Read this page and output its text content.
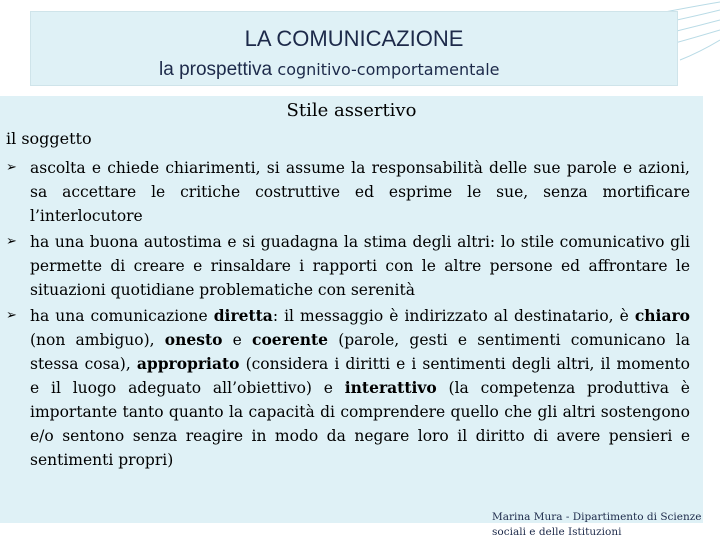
LA COMUNICAZIONE
la prospettiva cognitivo-comportamentale
Stile assertivo
il soggetto
➢ ascolta e chiede chiarimenti, si assume la responsabilità delle sue parole e azioni, sa accettare le critiche costruttive ed esprime le sue, senza mortificare l’interlocutore
➢ ha una buona autostima e si guadagna la stima degli altri: lo stile comunicativo gli permette di creare e rinsaldare i rapporti con le altre persone ed affrontare le situazioni quotidiane problematiche con serenità
➢ ha una comunicazione diretta: il messaggio è indirizzato al destinatario, è chiaro (non ambiguo), onesto e coerente (parole, gesti e sentimenti comunicano la stessa cosa), appropriato (considera i diritti e i sentimenti degli altri, il momento e il luogo adeguato all’obiettivo) e interattivo (la competenza produttiva è importante tanto quanto la capacità di comprendere quello che gli altri sostengono e/o sentono senza reagire in modo da negare loro il diritto di avere pensieri e sentimenti propri)
Marina Mura - Dipartimento di Scienze
sociali e delle Istituzioni
